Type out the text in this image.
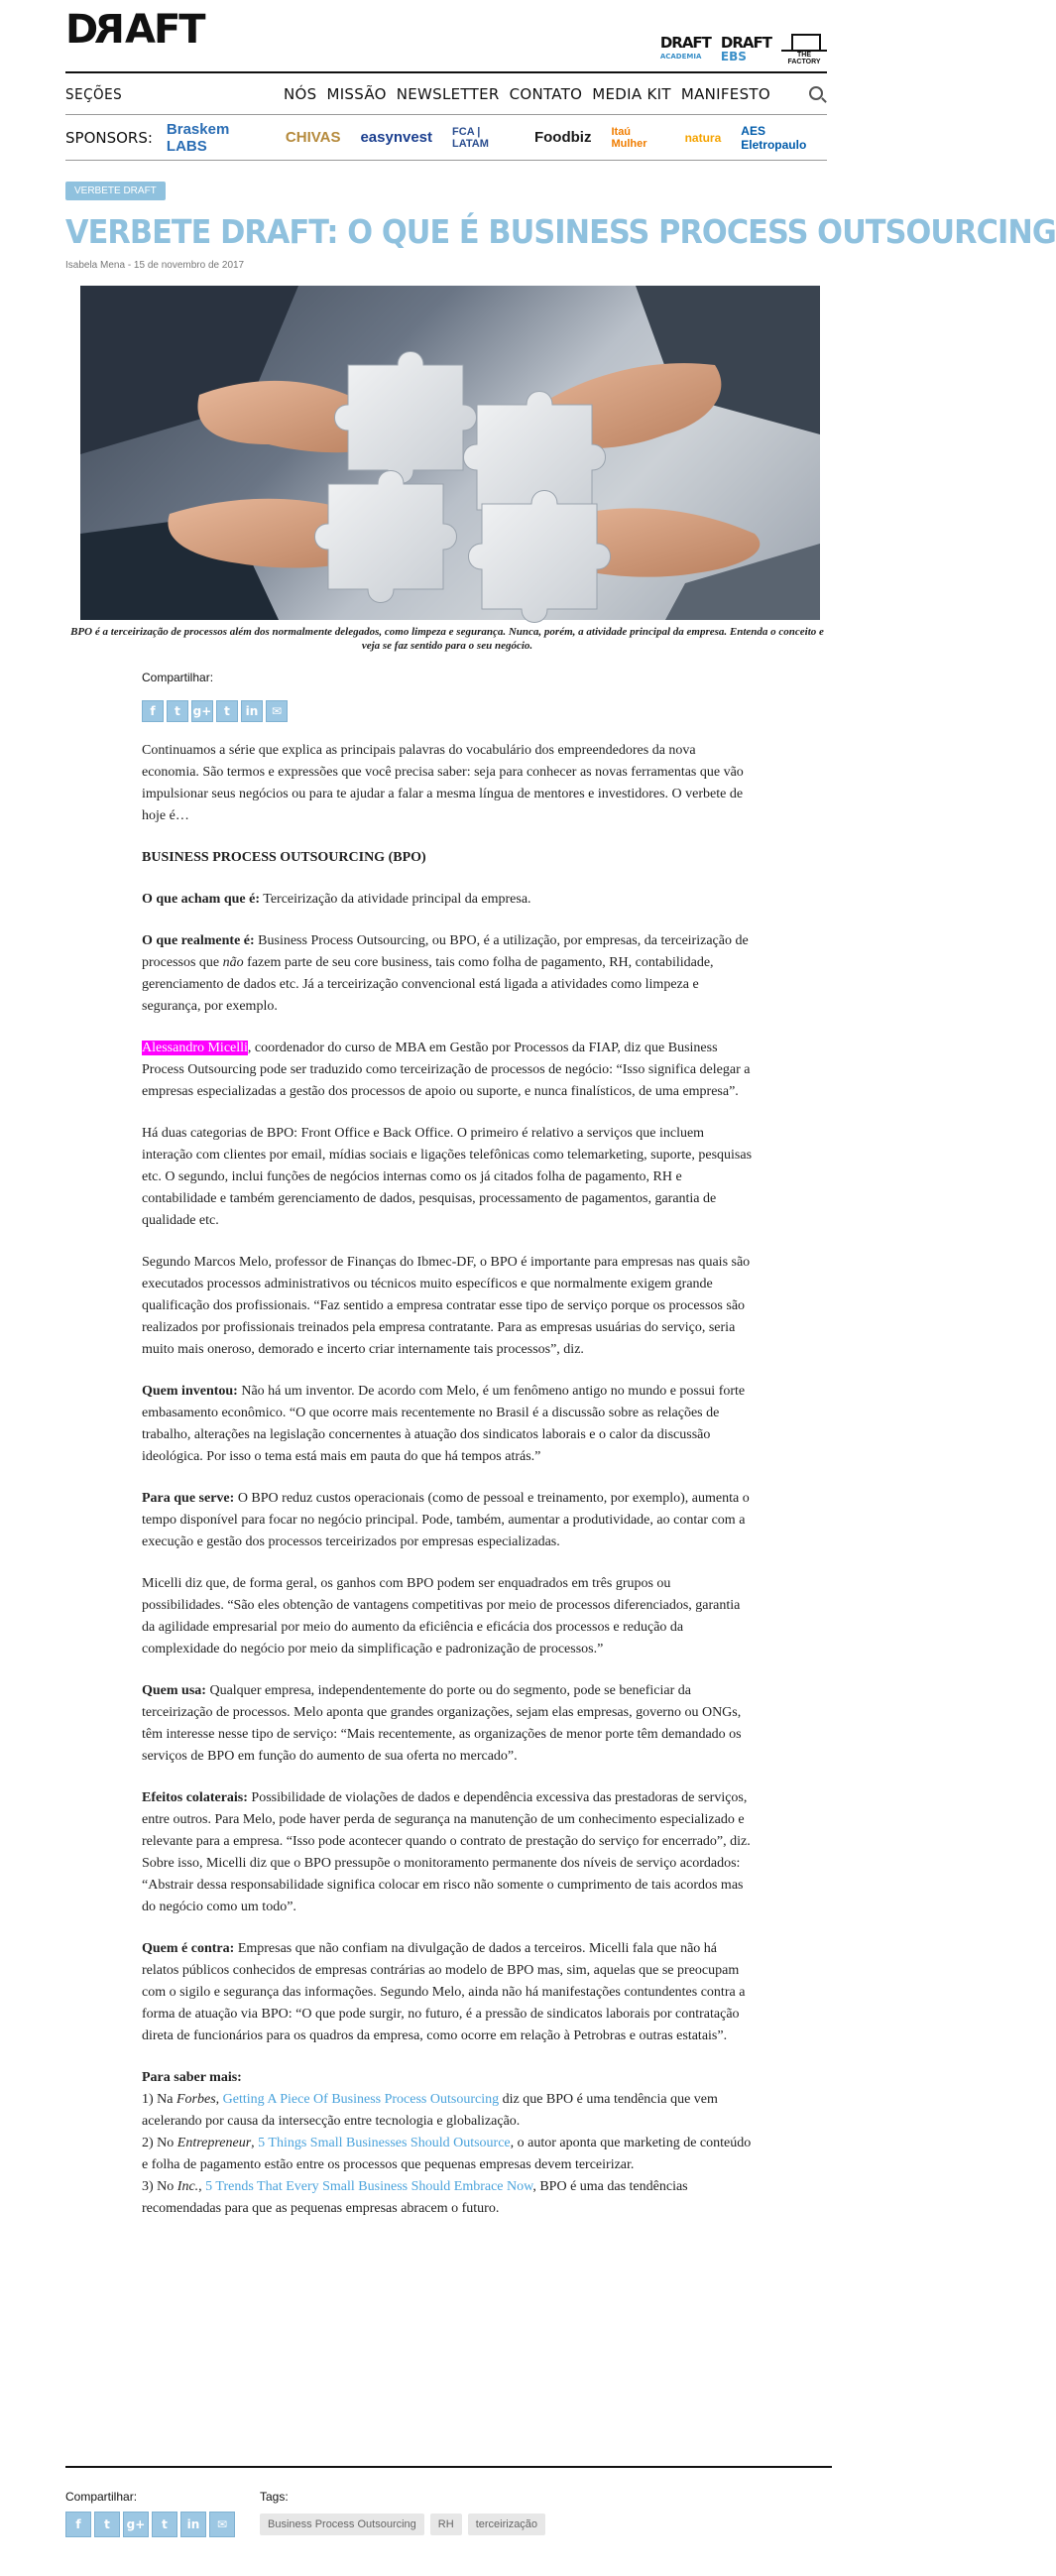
DRAFT	DRAFT
ACADEMIA
DRAFT
EBS	THE FACTORY
SEÇÕES	NÓS MISSÃO NEWSLETTER CONTATO MEDIA KIT MANIFESTO
SPONSORS: Braskem LABS	CHIVAS easynvest FCA | LATAM	Foodbiz Itaú Mulher	natura AES Eletropaulo
VERBETE DRAFT
VERBETE DRAFT: O QUE É BUSINESS PROCESS OUTSOURCING
Isabela Mena - 15 de novembro de 2017

BPO é a terceirização de processos além dos normalmente delegados, como limpeza e segurança. Nunca, porém, a atividade principal da empresa. Entenda o conceito e veja se faz sentido para o seu negócio.

Compartilhar:
f	t	g+	t	in	✉

Continuamos a série que explica as principais palavras do vocabulário dos empreendedores da nova economia. São termos e expressões que você precisa saber: seja para conhecer as novas ferramentas que vão impulsionar seus negócios ou para te ajudar a falar a mesma língua de mentores e investidores. O verbete de hoje é…

BUSINESS PROCESS OUTSOURCING (BPO)

O que acham que é: Terceirização da atividade principal da empresa.

O que realmente é: Business Process Outsourcing, ou BPO, é a utilização, por empresas, da terceirização de processos que não fazem parte de seu core business, tais como folha de pagamento, RH, contabilidade, gerenciamento de dados etc. Já a terceirização convencional está ligada a atividades como limpeza e segurança, por exemplo.

Alessandro Micelli, coordenador do curso de MBA em Gestão por Processos da FIAP, diz que Business Process Outsourcing pode ser traduzido como terceirização de processos de negócio: “Isso significa delegar a empresas especializadas a gestão dos processos de apoio ou suporte, e nunca finalísticos, de uma empresa”.

Há duas categorias de BPO: Front Office e Back Office. O primeiro é relativo a serviços que incluem interação com clientes por email, mídias sociais e ligações telefônicas como telemarketing, suporte, pesquisas etc. O segundo, inclui funções de negócios internas como os já citados folha de pagamento, RH e contabilidade e também gerenciamento de dados, pesquisas, processamento de pagamentos, garantia de qualidade etc.

Segundo Marcos Melo, professor de Finanças do Ibmec-DF, o BPO é importante para empresas nas quais são executados processos administrativos ou técnicos muito específicos e que normalmente exigem grande qualificação dos profissionais. “Faz sentido a empresa contratar esse tipo de serviço porque os processos são realizados por profissionais treinados pela empresa contratante. Para as empresas usuárias do serviço, seria muito mais oneroso, demorado e incerto criar internamente tais processos”, diz.

Quem inventou: Não há um inventor. De acordo com Melo, é um fenômeno antigo no mundo e possui forte embasamento econômico. “O que ocorre mais recentemente no Brasil é a discussão sobre as relações de trabalho, alterações na legislação concernentes à atuação dos sindicatos laborais e o calor da discussão ideológica. Por isso o tema está mais em pauta do que há tempos atrás.”

Para que serve: O BPO reduz custos operacionais (como de pessoal e treinamento, por exemplo), aumenta o tempo disponível para focar no negócio principal. Pode, também, aumentar a produtividade, ao contar com a execução e gestão dos processos terceirizados por empresas especializadas.

Micelli diz que, de forma geral, os ganhos com BPO podem ser enquadrados em três grupos ou possibilidades. “São eles obtenção de vantagens competitivas por meio de processos diferenciados, garantia da agilidade empresarial por meio do aumento da eficiência e eficácia dos processos e redução da complexidade do negócio por meio da simplificação e padronização de processos.”

Quem usa: Qualquer empresa, independentemente do porte ou do segmento, pode se beneficiar da terceirização de processos. Melo aponta que grandes organizações, sejam elas empresas, governo ou ONGs, têm interesse nesse tipo de serviço: “Mais recentemente, as organizações de menor porte têm demandado os serviços de BPO em função do aumento de sua oferta no mercado”.

Efeitos colaterais: Possibilidade de violações de dados e dependência excessiva das prestadoras de serviços, entre outros. Para Melo, pode haver perda de segurança na manutenção de um conhecimento especializado e relevante para a empresa. “Isso pode acontecer quando o contrato de prestação do serviço for encerrado”, diz. Sobre isso, Micelli diz que o BPO pressupõe o monitoramento permanente dos níveis de serviço acordados: “Abstrair dessa responsabilidade significa colocar em risco não somente o cumprimento de tais acordos mas do negócio como um todo”.

Quem é contra: Empresas que não confiam na divulgação de dados a terceiros. Micelli fala que não há relatos públicos conhecidos de empresas contrárias ao modelo de BPO mas, sim, aquelas que se preocupam com o sigilo e segurança das informações. Segundo Melo, ainda não há manifestações contundentes contra a forma de atuação via BPO: “O que pode surgir, no futuro, é a pressão de sindicatos laborais por contratação direta de funcionários para os quadros da empresa, como ocorre em relação à Petrobras e outras estatais”.

Para saber mais:
1) Na Forbes, Getting A Piece Of Business Process Outsourcing diz que BPO é uma tendência que vem acelerando por causa da intersecção entre tecnologia e globalização.
2) No Entrepreneur, 5 Things Small Businesses Should Outsource, o autor aponta que marketing de conteúdo e folha de pagamento estão entre os processos que pequenas empresas devem terceirizar.
3) No Inc., 5 Trends That Every Small Business Should Embrace Now, BPO é uma das tendências recomendadas para que as pequenas empresas abracem o futuro.

Compartilhar:
f	t	g+	t	in	✉
Tags:
Business Process Outsourcing	RH	terceirização
